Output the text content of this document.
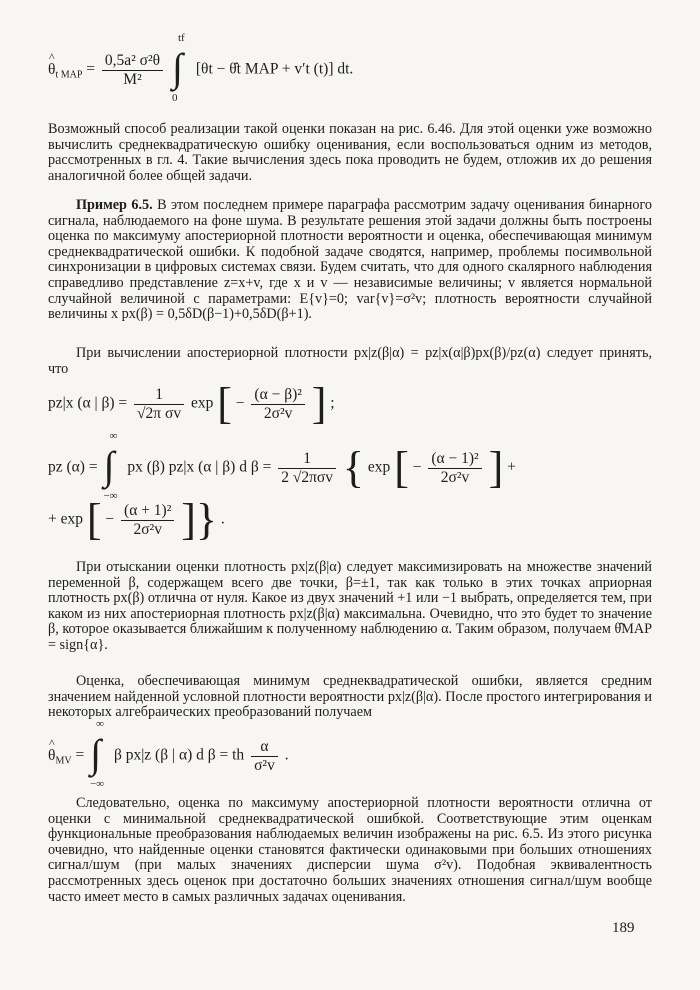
^ $\theta_{t MAP} = \frac{\text{0,5a² σ²θ}}{\text{M²}}$

tf
∫
0
[θt − θ̂t MAP + v′t (t)] dt.

Возможный способ реализации такой оценки показан на рис. 6.46. Для этой оценки уже возможно вычислить среднеквадратическую ошибку оценивания, если воспользоваться одним из методов, рассмотренных в гл. 4. Такие вычисления здесь пока проводить не будем, отложив их до решения аналогичной более общей задачи.

Пример 6.5. В этом последнем примере параграфа рассмотрим задачу оценивания бинарного сигнала, наблюдаемого на фоне шума. В результате решения этой задачи должны быть построены оценка по максимуму апостериорной плотности вероятности и оценка, обеспечивающая минимум среднеквадратической ошибки. К подобной задаче сводятся, например, проблемы посимвольной синхронизации в цифровых системах связи. Будем считать, что для одного скалярного наблюдения справедливо представление z=x+v, где x и v — независимые величины; v является нормальной случайной величиной с параметрами: E{v}=0; var{v}=σ²v; плотность вероятности случайной величины x px(β) = 0,5δD(β−1)+0,5δD(β+1).

При вычислении апостериорной плотности px|z(β|α) = pz|x(α|β)px(β)/pz(α) следует принять, что

pz|x (α | $\beta) = \frac{1}{\text{√2π σv}}$ exp [ − $\frac{\text{(α − β)²}}{\text{2σ²v}}$ ] ;
pz (α) =
∞
∫
−∞
px (β) pz|x (α | β) d $\beta = \frac{1}{\text{2 √2πσv}}$ { exp [ − $\frac{\text{(α − 1)²}}{\text{2σ²v}}$ ] +
+ exp [ − $\frac{\text{(α + 1)²}}{\text{2σ²v}}$ ]} .

При отыскании оценки плотность px|z(β|α) следует максимизировать на множестве значений переменной β, содержащем всего две точки, β=±1, так как только в этих точках априорная плотность px(β) отлична от нуля. Какое из двух значений +1 или −1 выбрать, определяется тем, при каком из них апостериорная плотность px|z(β|α) максимальна. Очевидно, что это будет то значение β, которое оказывается ближайшим к полученному наблюдению α. Таким образом, получаем θ̂MAP = sign{α}.

Оценка, обеспечивающая минимум среднеквадратической ошибки, является средним значением найденной условной плотности вероятности px|z(β|α). После простого интегрирования и некоторых алгебраических преобразований получаем

^ $\theta_{MV}$ =
∞
∫
−∞
β px|z (β | α) d β = th $\frac{\alpha}{\text{σ²v}}$ .

Следовательно, оценка по максимуму апостериорной плотности вероятности отлична от оценки с минимальной среднеквадратической ошибкой. Соответствующие этим оценкам функциональные преобразования наблюдаемых величин изображены на рис. 6.5. Из этого рисунка очевидно, что найденные оценки становятся фактически одинаковыми при больших отношениях сигнал/шум (при малых значениях дисперсии шума σ²v). Подобная эквивалентность рассмотренных здесь оценок при достаточно больших значениях отношения сигнал/шум вообще часто имеет место в самых различных задачах оценивания.

189
